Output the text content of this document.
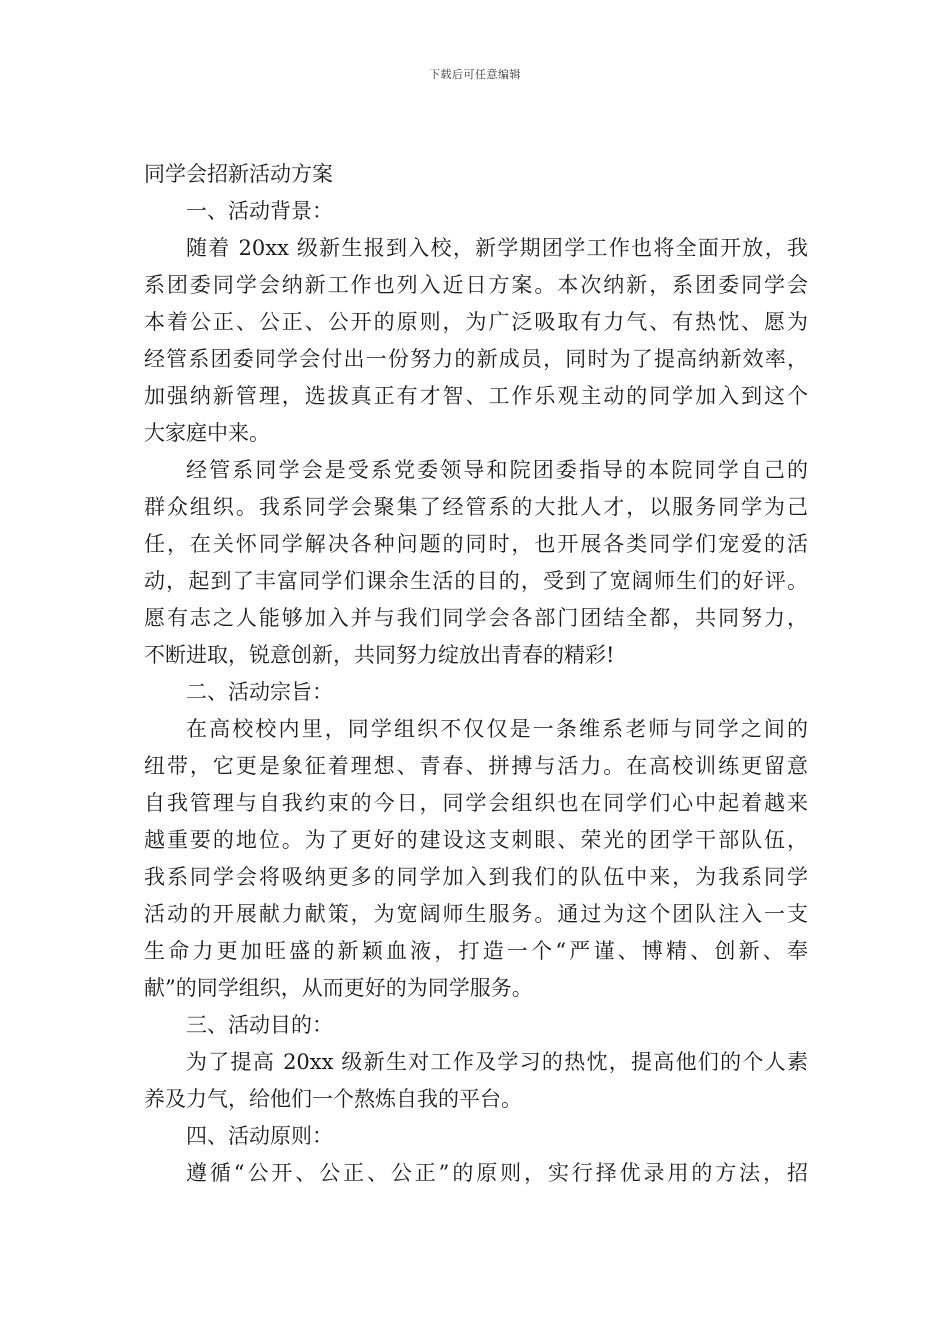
下载后可任意编辑
同学会招新活动方案
一、活动背景：
随着 20xx 级新生报到入校，新学期团学工作也将全面开放，我
系团委同学会纳新工作也列入近日方案。本次纳新，系团委同学会
本着公正、公正、公开的原则，为广泛吸取有力气、有热忱、愿为
经管系团委同学会付出一份努力的新成员，同时为了提高纳新效率，
加强纳新管理，选拔真正有才智、工作乐观主动的同学加入到这个
大家庭中来。
经管系同学会是受系党委领导和院团委指导的本院同学自己的
群众组织。我系同学会聚集了经管系的大批人才，以服务同学为己
任，在关怀同学解决各种问题的同时，也开展各类同学们宠爱的活
动，起到了丰富同学们课余生活的目的，受到了宽阔师生们的好评。
愿有志之人能够加入并与我们同学会各部门团结全都，共同努力，
不断进取，锐意创新，共同努力绽放出青春的精彩!
二、活动宗旨：
在高校校内里，同学组织不仅仅是一条维系老师与同学之间的
纽带，它更是象征着理想、青春、拼搏与活力。在高校训练更留意
自我管理与自我约束的今日，同学会组织也在同学们心中起着越来
越重要的地位。为了更好的建设这支刺眼、荣光的团学干部队伍，
我系同学会将吸纳更多的同学加入到我们的队伍中来，为我系同学
活动的开展献力献策，为宽阔师生服务。通过为这个团队注入一支
生命力更加旺盛的新颖血液，打造一个“严谨、博精、创新、奉
献”的同学组织，从而更好的为同学服务。
三、活动目的：
为了提高 20xx 级新生对工作及学习的热忱，提高他们的个人素
养及力气，给他们一个熬炼自我的平台。
四、活动原则：
遵循“公开、公正、公正”的原则，实行择优录用的方法，招
